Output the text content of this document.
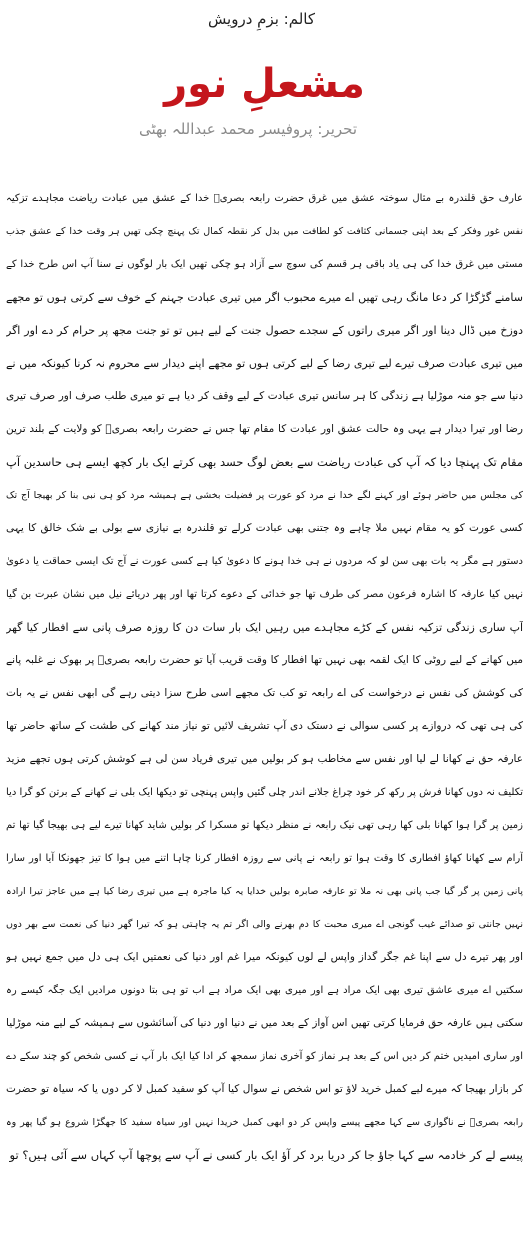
کالم: بزمِ درویش
مشعلِ نور
تحریر: پروفیسر محمد عبداللہ بھٹی
عارف حق قلندرہ بے مثال سوختہ عشق میں غرق حضرت رابعہ بصریؒ خدا کے عشق میں عبادت ریاضت مجاہدے تزکیہ
نفس غور وفکر کے بعد اپنی جسمانی کثافت کو لطافت میں بدل کر نقطہ کمال تک پہنچ چکی تھیں ہر وقت خدا کے عشق جذب
مستی میں غرق خدا کی ہی یاد باقی ہر قسم کی سوچ سے آزاد ہو چکی تھیں ایک بار لوگوں نے سنا آپ اس طرح خدا کے
سامنے گڑگڑا کر دعا مانگ رہی تھیں اے میرے محبوب اگر میں تیری عبادت جہنم کے خوف سے کرتی ہوں تو مجھے
دوزخ میں ڈال دینا اور اگر میری راتوں کے سجدے حصول جنت کے لیے ہیں تو تو جنت مجھ پر حرام کر دے اور اگر
میں تیری عبادت صرف تیرے لیے تیری رضا کے لیے کرتی ہوں تو مجھے اپنے دیدار سے محروم نہ کرنا کیونکہ میں نے
دنیا سے جو منہ موڑلیا ہے زندگی کا ہر سانس تیری عبادت کے لیے وقف کر دیا ہے تو میری طلب صرف اور صرف تیری
رضا اور تیرا دیدار ہے یہی وہ حالت عشق اور عبادت کا مقام تھا جس نے حضرت رابعہ بصریؒ کو ولایت کے بلند ترین
مقام تک پہنچا دیا کہ آپ کی عبادت ریاضت سے بعض لوگ حسد بھی کرتے ایک بار کچھ ایسے ہی حاسدین آپ
کی مجلس میں حاضر ہوئے اور کہنے لگے خدا نے مرد کو عورت پر فضیلت بخشی ہے ہمیشہ مرد کو ہی نبی بنا کر بھیجا آج تک
کسی عورت کو یہ مقام نہیں ملا چاہے وہ جتنی بھی عبادت کرلے تو قلندرہ بے نیازی سے بولی بے شک خالق کا یہی
دستور ہے مگر یہ بات بھی سن لو کہ مردوں نے ہی خدا ہونے کا دعویٰ کیا ہے کسی عورت نے آج تک ایسی حماقت یا دعویٰ
نہیں کیا عارفہ کا اشارہ فرعون مصر کی طرف تھا جو خدائی کے دعوے کرتا تھا اور پھر دریائے نیل میں نشان عبرت بن گیا
آپ ساری زندگی تزکیہ نفس کے کڑے مجاہدے میں رہیں ایک بار سات دن کا روزہ صرف پانی سے افطار کیا گھر
میں کھانے کے لیے روٹی کا ایک لقمہ بھی نہیں تھا افطار کا وقت قریب آیا تو حضرت رابعہ بصریؒ پر بھوک نے غلبہ پانے
کی کوشش کی نفس نے درخواست کی اے رابعہ تو کب تک مجھے اسی طرح سزا دیتی رہے گی ابھی نفس نے یہ بات
کی ہی تھی کہ دروازے پر کسی سوالی نے دستک دی آپ تشریف لائیں تو نیاز مند کھانے کی طشت کے ساتھ حاضر تھا
عارفہ حق نے کھانا لے لیا اور نفس سے مخاطب ہو کر بولیں میں تیری فریاد سن لی ہے کوشش کرتی ہوں تجھے مزید
تکلیف نہ دوں کھانا فرش پر رکھ کر خود چراغ جلانے اندر چلی گئیں واپس پہنچی تو دیکھا ایک بلی نے کھانے کے برتن کو گرا دیا
زمین پر گرا ہوا کھانا بلی کھا رہی تھی نیک رابعہ نے منظر دیکھا تو مسکرا کر بولیں شاید کھانا تیرے لیے ہی بھیجا گیا تھا تم
آرام سے کھانا کھاؤ افطاری کا وقت ہوا تو رابعہ نے پانی سے روزہ افطار کرنا چاہا اتنے میں ہوا کا تیز جھونکا آیا اور سارا
پانی زمین پر گر گیا جب پانی بھی نہ ملا تو عارفہ صابرہ بولیں خدایا یہ کیا ماجرہ ہے میں تیری رضا کیا ہے میں عاجز تیرا ارادہ
نہیں جانتی تو صدائے غیب گونجی اے میری محبت کا دم بھرنے والی اگر تم یہ چاہتی ہو کہ تیرا گھر دنیا کی نعمت سے بھر دوں
اور پھر تیرے دل سے اپنا غم جگر گداز واپس لے لوں کیونکہ میرا غم اور دنیا کی نعمتیں ایک ہی دل میں جمع نہیں ہو
سکتیں اے میری عاشق تیری بھی ایک مراد ہے اور میری بھی ایک مراد ہے اب تو ہی بتا دونوں مرادیں ایک جگہ کیسے رہ
سکتی ہیں عارفہ حق فرمایا کرتی تھیں اس آواز کے بعد میں نے دنیا اور دنیا کی آسائشوں سے ہمیشہ کے لیے منہ موڑلیا
اور ساری امیدیں ختم کر دیں اس کے بعد ہر نماز کو آخری نماز سمجھ کر ادا کیا ایک بار آپ نے کسی شخص کو چند سکے دے
کر بازار بھیجا کہ میرے لیے کمبل خرید لاؤ تو اس شخص نے سوال کیا آپ کو سفید کمبل لا کر دوں یا کہ سیاہ تو حضرت
رابعہ بصریؒ نے ناگواری سے کہا مجھے پیسے واپس کر دو ابھی کمبل خریدا نہیں اور سیاہ سفید کا جھگڑا شروع ہو گیا پھر وہ
پیسے لے کر خادمہ سے کہا جاؤ جا کر دریا برد کر آؤ ایک بار کسی نے آپ سے پوچھا آپ کہاں سے آئی ہیں؟ تو
